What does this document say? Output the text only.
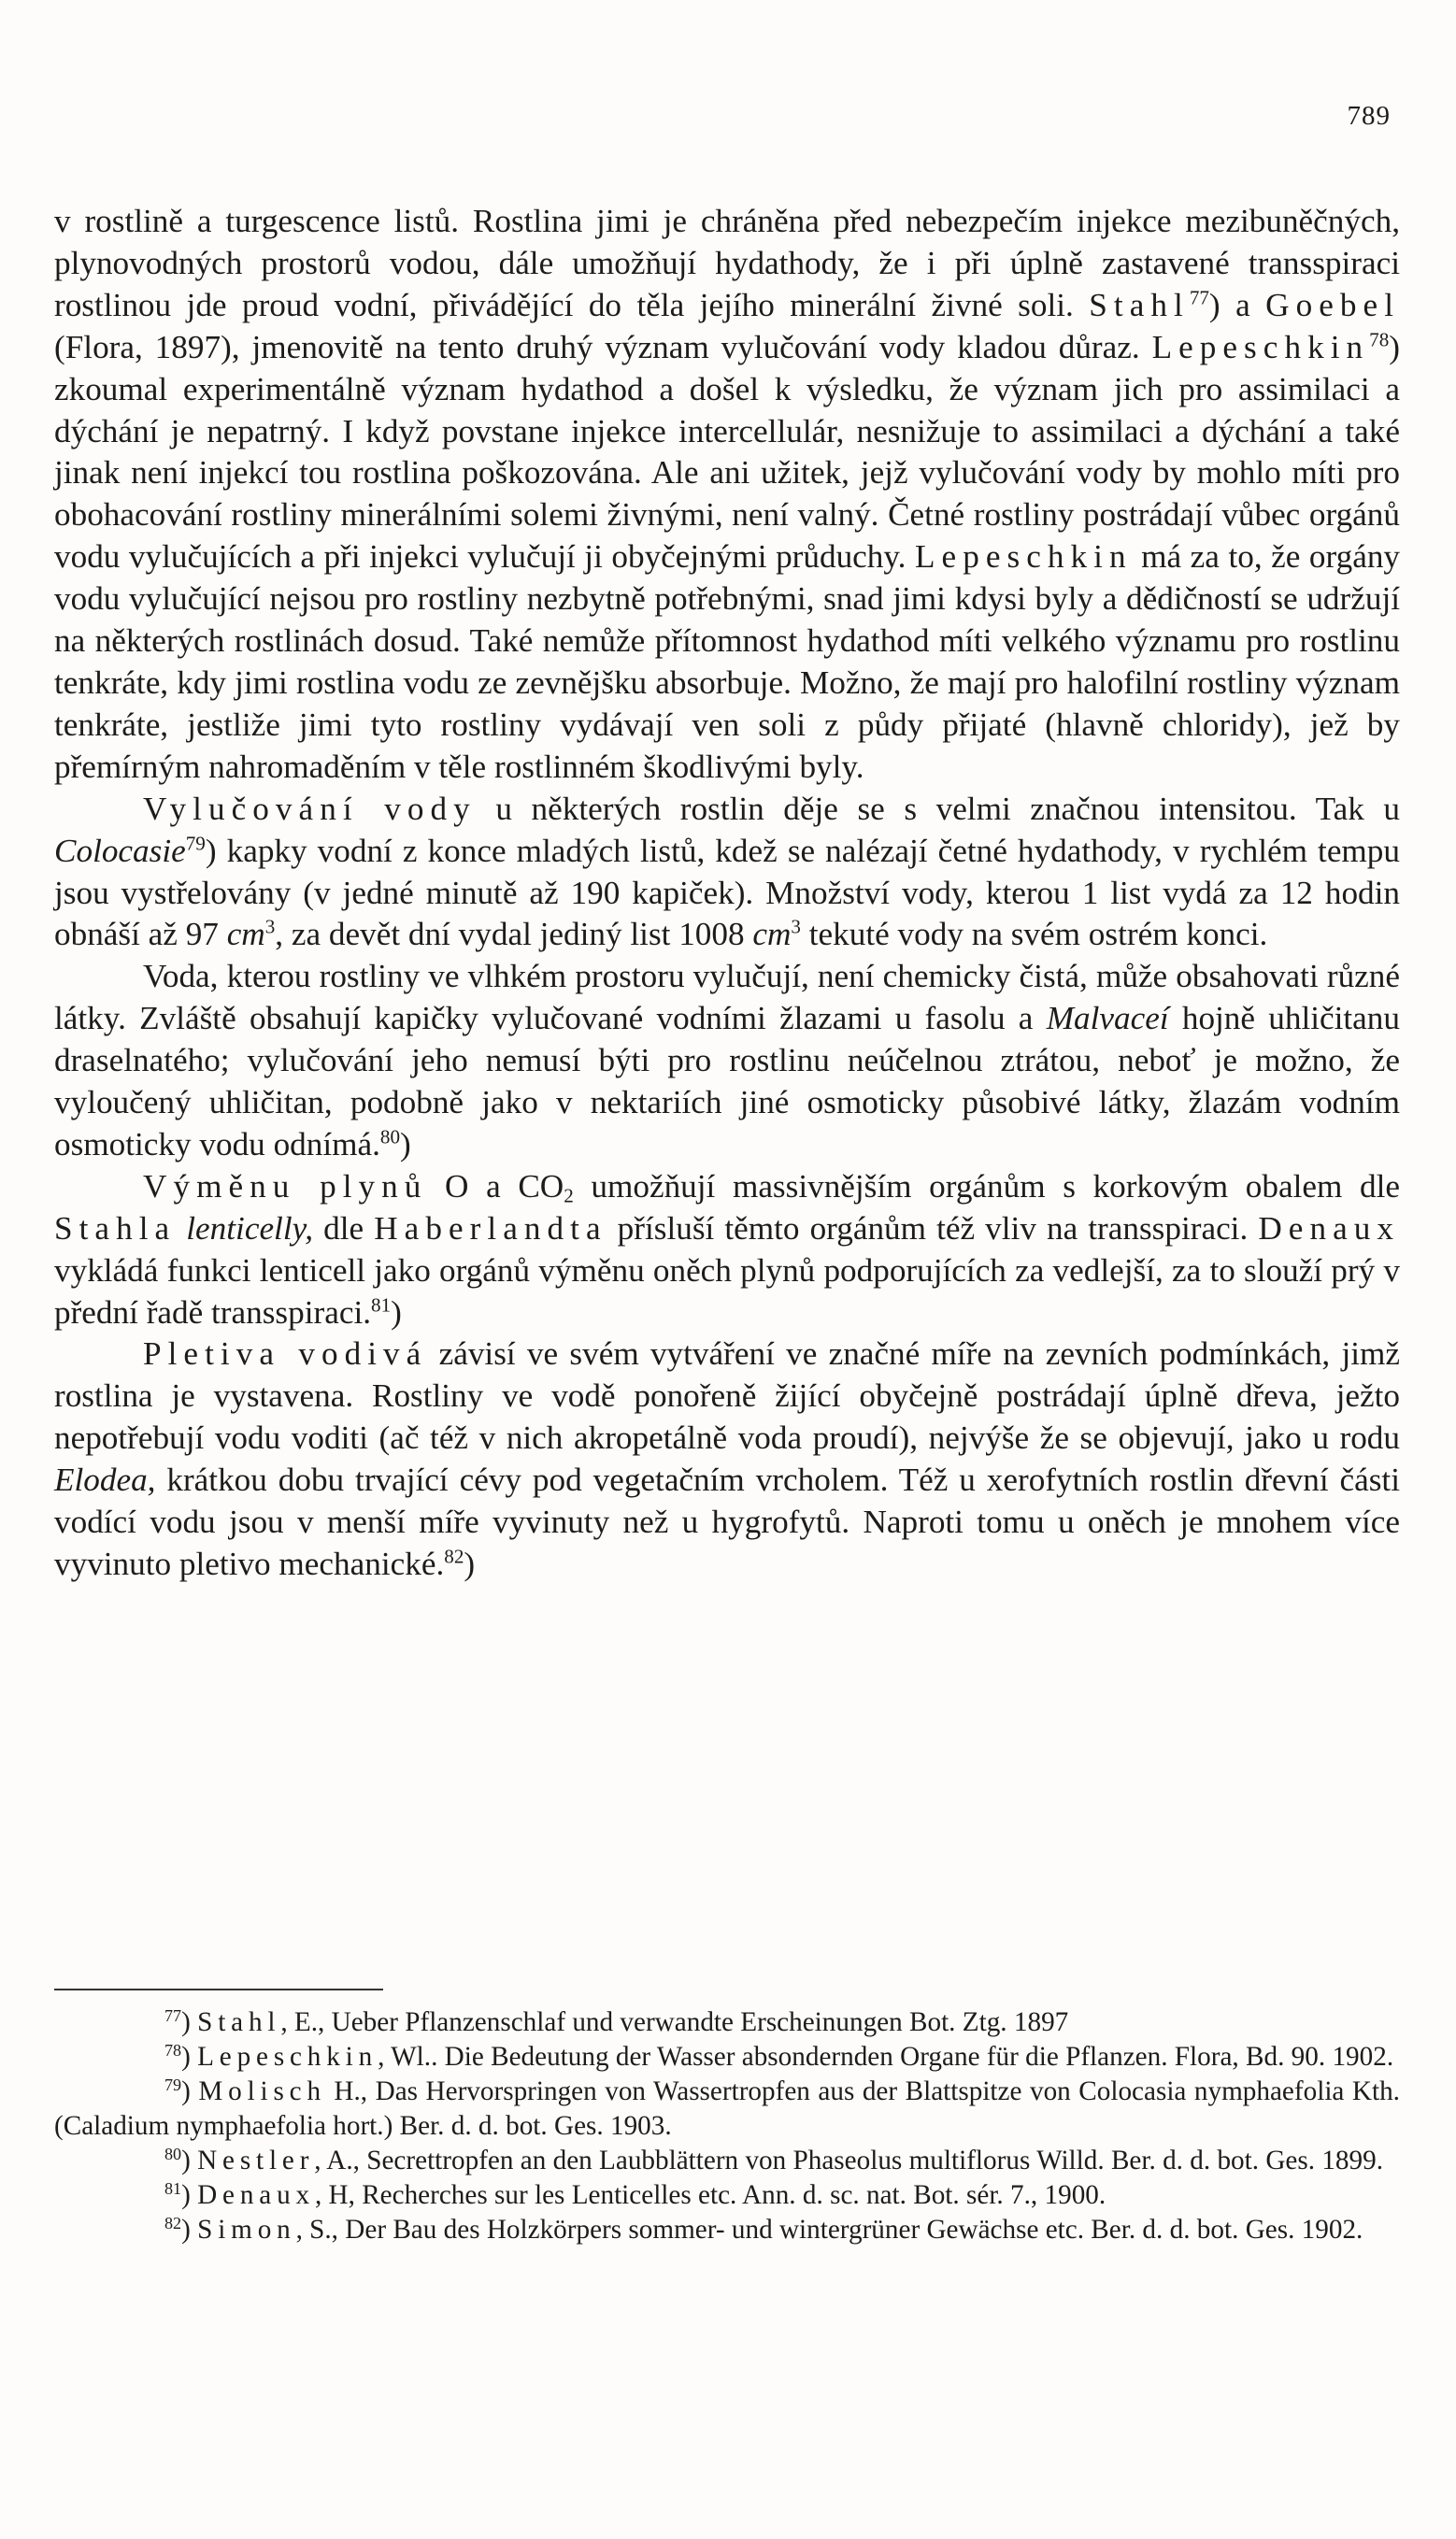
789

v rostlině a turgescence listů. Rostlina jimi je chráněna před nebezpečím injekce mezibuněčných, plynovodných prostorů vodou, dále umožňují hydathody, že i při úplně zastavené transspiraci rostlinou jde proud vodní, přivádějící do těla jejího minerální živné soli. Stahl$^{77}$) a Goebel (Flora, 1897), jmenovitě na tento druhý význam vylučování vody kladou důraz. Lepeschkin$^{78}$) zkoumal experimentálně význam hydathod a došel k výsledku, že význam jich pro assimilaci a dýchání je nepatrný. I když povstane injekce intercellulár, nesnižuje to assimilaci a dýchání a také jinak není injekcí tou rostlina poškozována. Ale ani užitek, jejž vylučování vody by mohlo míti pro obohacování rostliny minerálními solemi živnými, není valný. Četné rostliny postrádají vůbec orgánů vodu vylučujících a při injekci vylučují ji obyčejnými průduchy. Lepeschkin má za to, že orgány vodu vylučující nejsou pro rostliny nezbytně potřebnými, snad jimi kdysi byly a dědičností se udržují na některých rostlinách dosud. Také nemůže přítomnost hydathod míti velkého významu pro rostlinu tenkráte, kdy jimi rostlina vodu ze zevnějšku absorbuje. Možno, že mají pro halofilní rostliny význam tenkráte, jestliže jimi tyto rostliny vydávají ven soli z půdy přijaté (hlavně chloridy), jež by přemírným nahromaděním v těle rostlinném škodlivými byly.

Vylučování vody u některých rostlin děje se s velmi značnou intensitou. Tak u Colocasie$^{79}$) kapky vodní z konce mladých listů, kdež se nalézají četné hydathody, v rychlém tempu jsou vystřelovány (v jedné minutě až 190 kapiček). Množství vody, kterou 1 list vydá za 12 hodin obnáší až 97 $cm^3$, za devět dní vydal jediný list 1008 $cm^3$ tekuté vody na svém ostrém konci.

Voda, kterou rostliny ve vlhkém prostoru vylučují, není chemicky čistá, může obsahovati různé látky. Zvláště obsahují kapičky vylučované vodními žlazami u fasolu a Malvaceí hojně uhličitanu draselnatého; vylučování jeho nemusí býti pro rostlinu neúčelnou ztrátou, neboť je možno, že vyloučený uhličitan, podobně jako v nektariích jiné osmoticky působivé látky, žlazám vodním osmoticky vodu odnímá.$^{80}$)

Výměnu plynů O a $CO_2$ umožňují massivnějším orgánům s korkovým obalem dle Stahla lenticelly, dle Haberlandta přísluší těmto orgánům též vliv na transspiraci. Denaux vykládá funkci lenticell jako orgánů výměnu oněch plynů podporujících za vedlejší, za to slouží prý v přední řadě transspiraci.$^{81}$)

Pletiva vodivá závisí ve svém vytváření ve značné míře na zevních podmínkách, jimž rostlina je vystavena. Rostliny ve vodě ponořeně žijící obyčejně postrádají úplně dřeva, ježto nepotřebují vodu voditi (ač též v nich akropetálně voda proudí), nejvýše že se objevují, jako u rodu Elodea, krátkou dobu trvající cévy pod vegetačním vrcholem. Též u xerofytních rostlin dřevní části vodící vodu jsou v menší míře vyvinuty než u hygrofytů. Naproti tomu u oněch je mnohem více vyvinuto pletivo mechanické.$^{82}$)

$^{77}$) Stahl, E., Ueber Pflanzenschlaf und verwandte Erscheinungen Bot. Ztg. 1897

$^{78}$) Lepeschkin, Wl.. Die Bedeutung der Wasser absondernden Organe für die Pflanzen. Flora, Bd. 90. 1902.

$^{79}$) Molisch H., Das Hervorspringen von Wassertropfen aus der Blattspitze von Colocasia nymphaefolia Kth. (Caladium nymphaefolia hort.) Ber. d. d. bot. Ges. 1903.

$^{80}$) Nestler, A., Secrettropfen an den Laubblättern von Phaseolus multiflorus Willd. Ber. d. d. bot. Ges. 1899.

$^{81}$) Denaux, H, Recherches sur les Lenticelles etc. Ann. d. sc. nat. Bot. sér. 7., 1900.

$^{82}$) Simon, S., Der Bau des Holzkörpers sommer- und wintergrüner Gewächse etc. Ber. d. d. bot. Ges. 1902.
